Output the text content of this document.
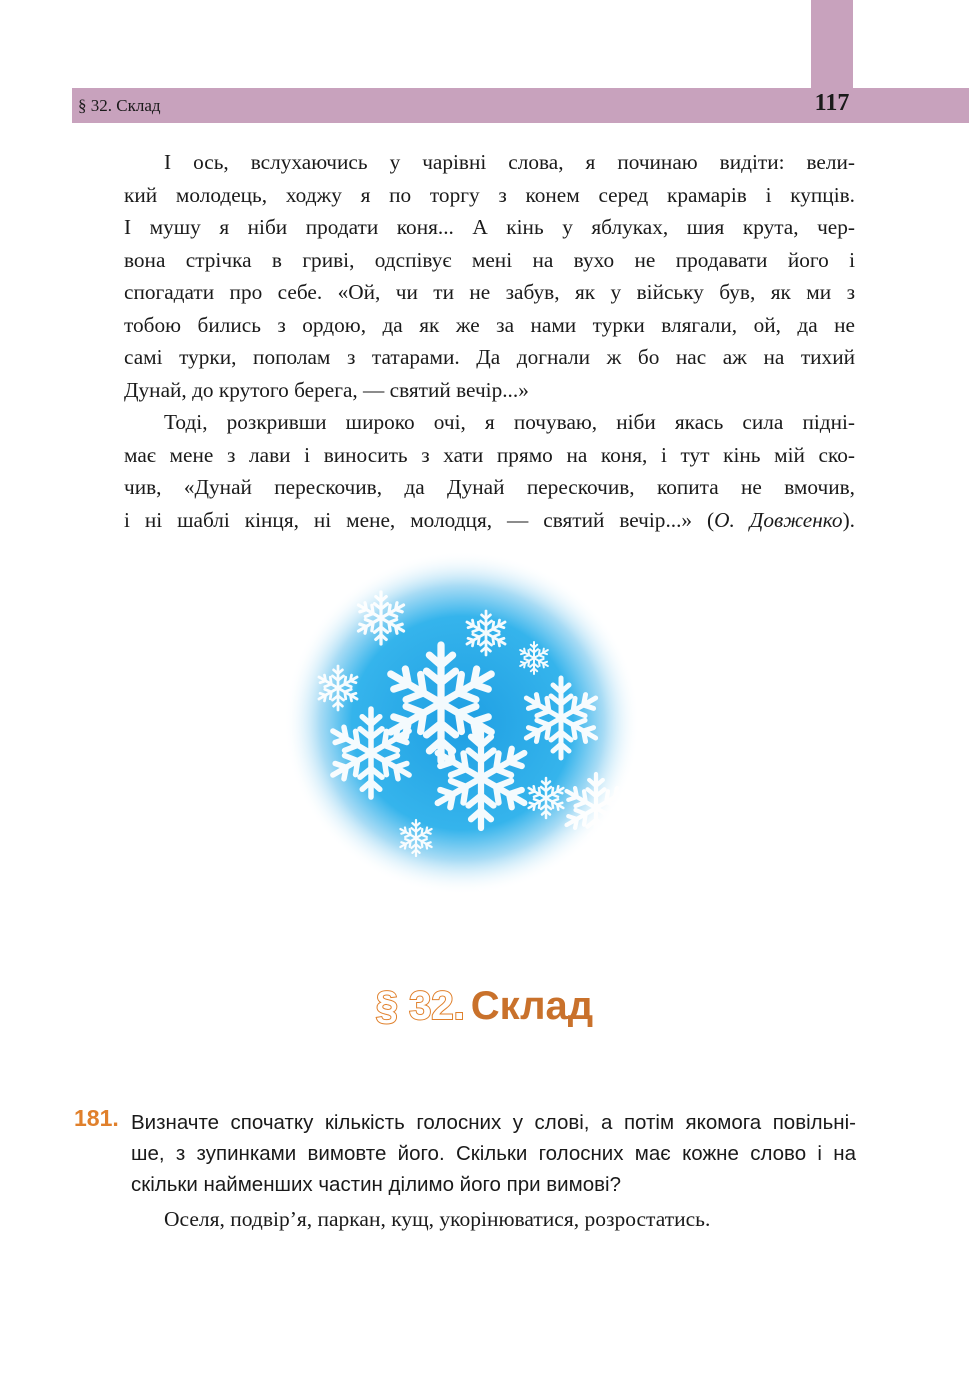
§ 32. Склад	117

І ось, вслухаючись у чарівні слова, я починаю видіти: вели-
кий молодець, ходжу я по торгу з конем серед крамарів і купців.
І мушу я ніби продати коня... А кінь у яблуках, шия крута, чер-
вона стрічка в гриві, одспівує мені на вухо не продавати його і
спогадати про себе. «Ой, чи ти не забув, як у війську був, як ми з
тобою бились з ордою, да як же за нами турки влягали, ой, да не
самі турки, пополам з татарами. Да догнали ж бо нас аж на тихий
Дунай, до крутого берега, — святий вечір...»

Тоді, розкривши широко очі, я почуваю, ніби якась сила підні-
має мене з лави і виносить з хати прямо на коня, і тут кінь мій ско-
чив, «Дунай перескочив, да Дунай перескочив, копита не вмочив,
і ні шаблі кінця, ні мене, молодця, — святий вечір...» (О. Довженко).

§ 32. Склад
181. Визначте спочатку кількість голосних у слові, а потім якомога повільні-
ше, з зупинками вимовте його. Скільки голосних має кожне слово і на
скільки найменших частин ділимо його при вимові?
Оселя, подвір’я, паркан, кущ, укорінюватися, розростатись.
